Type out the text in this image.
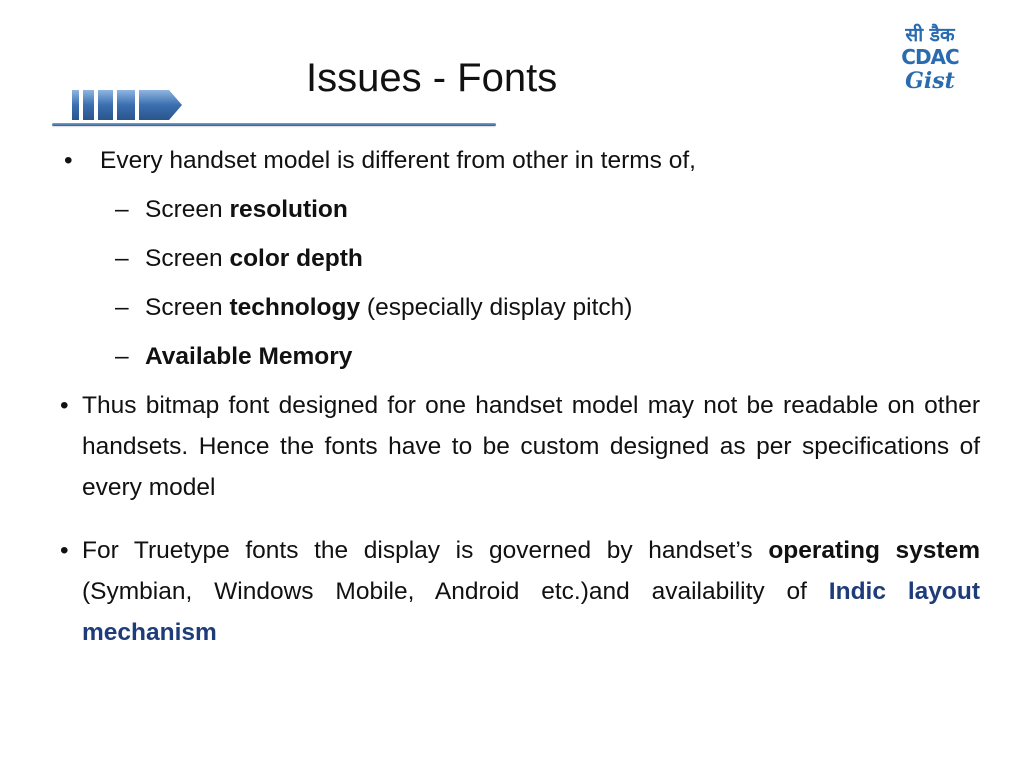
Issues - Fonts
सी डैक
CDAC
Gist
• Every handset model is different from other in terms of,
– Screen resolution
– Screen color depth
– Screen technology (especially display pitch)
– Available Memory
• Thus bitmap font designed for one handset model may not be readable on other handsets. Hence the fonts have to be custom designed as per specifications of every model
• For Truetype fonts the display is governed by handset’s operating system (Symbian, Windows Mobile, Android etc.)and availability of Indic layout mechanism
